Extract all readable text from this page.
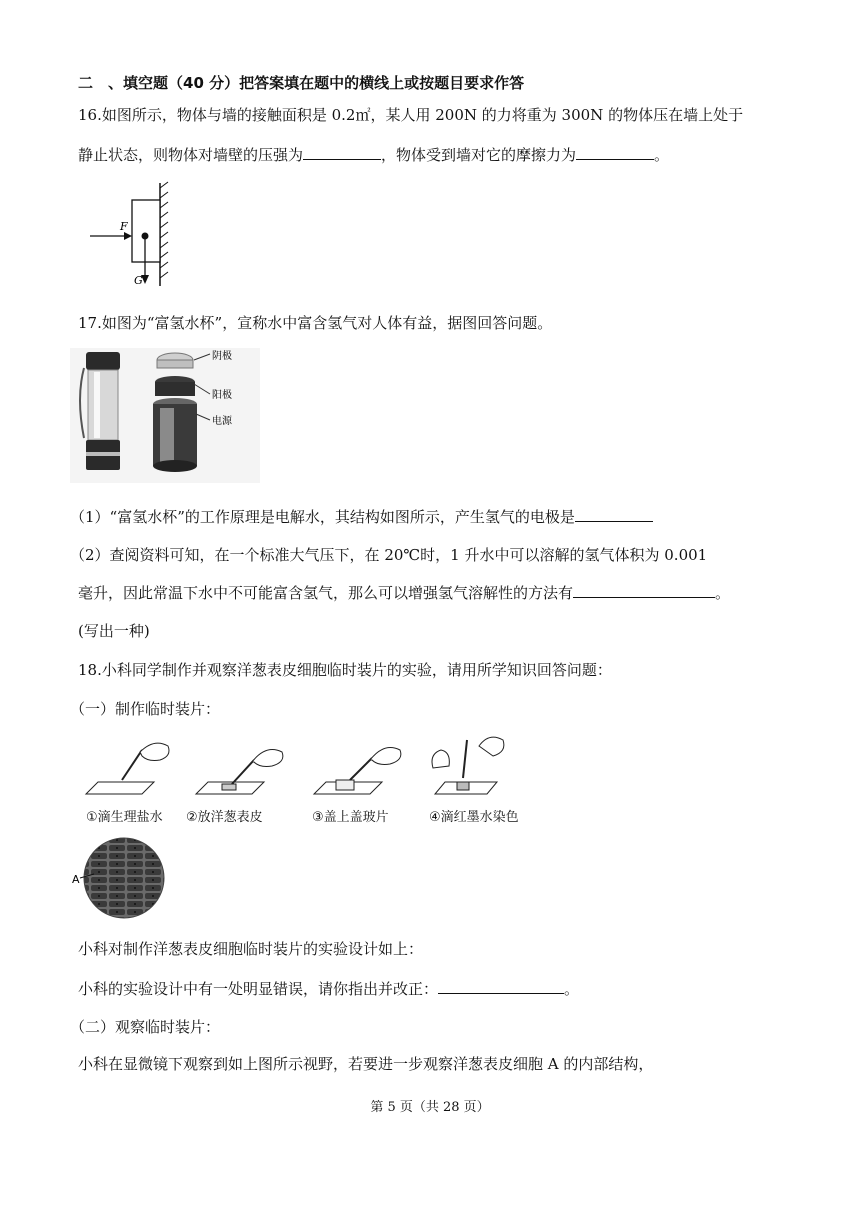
二　、填空题（40 分）把答案填在题中的横线上或按题目要求作答
16.如图所示，物体与墙的接触面积是 0.2㎡，某人用 200N 的力将重为 300N 的物体压在墙上处于
静止状态，则物体对墙壁的压强为	，物体受到墙对它的摩擦力为	。
F
G
17.如图为“富氢水杯”，宣称水中富含氢气对人体有益，据图回答问题。
阴极
阳极
电源
（1）“富氢水杯”的工作原理是电解水，其结构如图所示，产生氢气的电极是
（2）查阅资料可知，在一个标准大气压下，在 20℃时，1 升水中可以溶解的氢气体积为 0.001
毫升，因此常温下水中不可能富含氢气，那么可以增强氢气溶解性的方法有	。
(写出一种)
18.小科同学制作并观察洋葱表皮细胞临时装片的实验，请用所学知识回答问题：
（一）制作临时装片：
①滴生理盐水 ②放洋葱表皮	③盖上盖玻片	④滴红墨水染色
A
小科对制作洋葱表皮细胞临时装片的实验设计如上：
小科的实验设计中有一处明显错误，请你指出并改正：	。
（二）观察临时装片：
小科在显微镜下观察到如上图所示视野，若要进一步观察洋葱表皮细胞 A 的内部结构，
第 5 页（共 28 页）
